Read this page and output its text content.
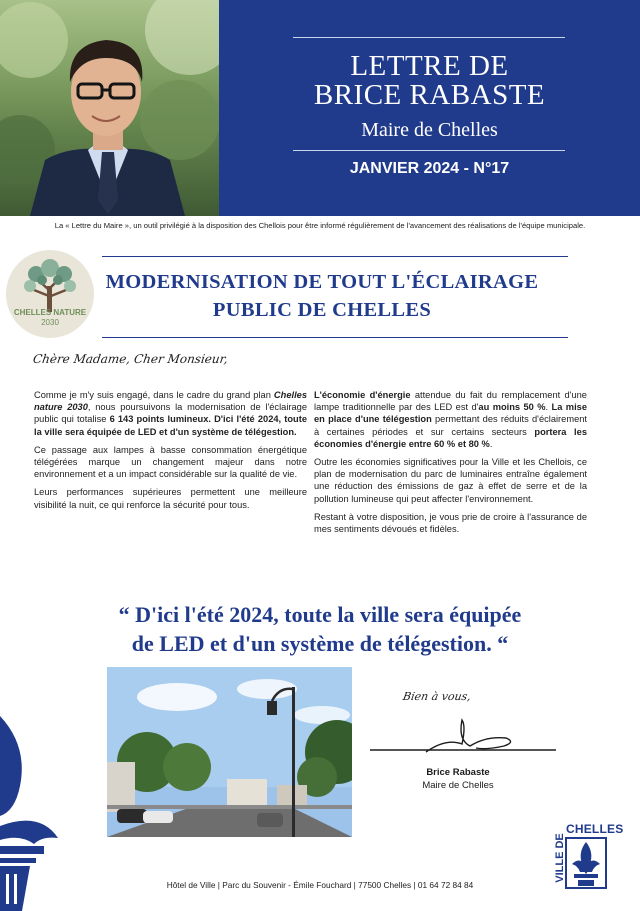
LETTRE DE
BRICE RABASTE
Maire de Chelles
JANVIER 2024 - N°17
La « Lettre du Maire », un outil privilégié à la disposition des Chellois pour être informé régulièrement de l'avancement des réalisations de l'équipe municipale.
CHELLES NATURE
2030
MODERNISATION DE TOUT L'ÉCLAIRAGE
PUBLIC DE CHELLES
Chère Madame, Cher Monsieur,

Comme je m'y suis engagé, dans le cadre du grand plan Chelles nature 2030, nous poursuivons la modernisation de l'éclairage public qui totalise 6 143 points lumineux. D'ici l'été 2024, toute la ville sera équipée de LED et d'un système de télégestion.

Ce passage aux lampes à basse consommation énergétique télégérées marque un changement majeur dans notre environnement et a un impact considérable sur la qualité de vie.

Leurs performances supérieures permettent une meilleure visibilité la nuit, ce qui renforce la sécurité pour tous.

L'économie d'énergie attendue du fait du remplacement d'une lampe traditionnelle par des LED est d'au moins 50 %. La mise en place d'une télégestion permettant des réduits d'éclairement à certaines périodes et sur certains secteurs portera les économies d'énergie entre 60 % et 80 %.

Outre les économies significatives pour la Ville et les Chellois, ce plan de modernisation du parc de luminaires entraîne également une réduction des émissions de gaz à effet de serre et de la pollution lumineuse qui peut affecter l'environnement.

Restant à votre disposition, je vous prie de croire à l'assurance de mes sentiments dévoués et fidèles.

“ D'ici l'été 2024, toute la ville sera équipée
de LED et d'un système de télégestion. “
Bien à vous,
Brice Rabaste
Maire de Chelles
CHELLES
VILLE DE
Hôtel de Ville | Parc du Souvenir - Émile Fouchard | 77500 Chelles | 01 64 72 84 84
